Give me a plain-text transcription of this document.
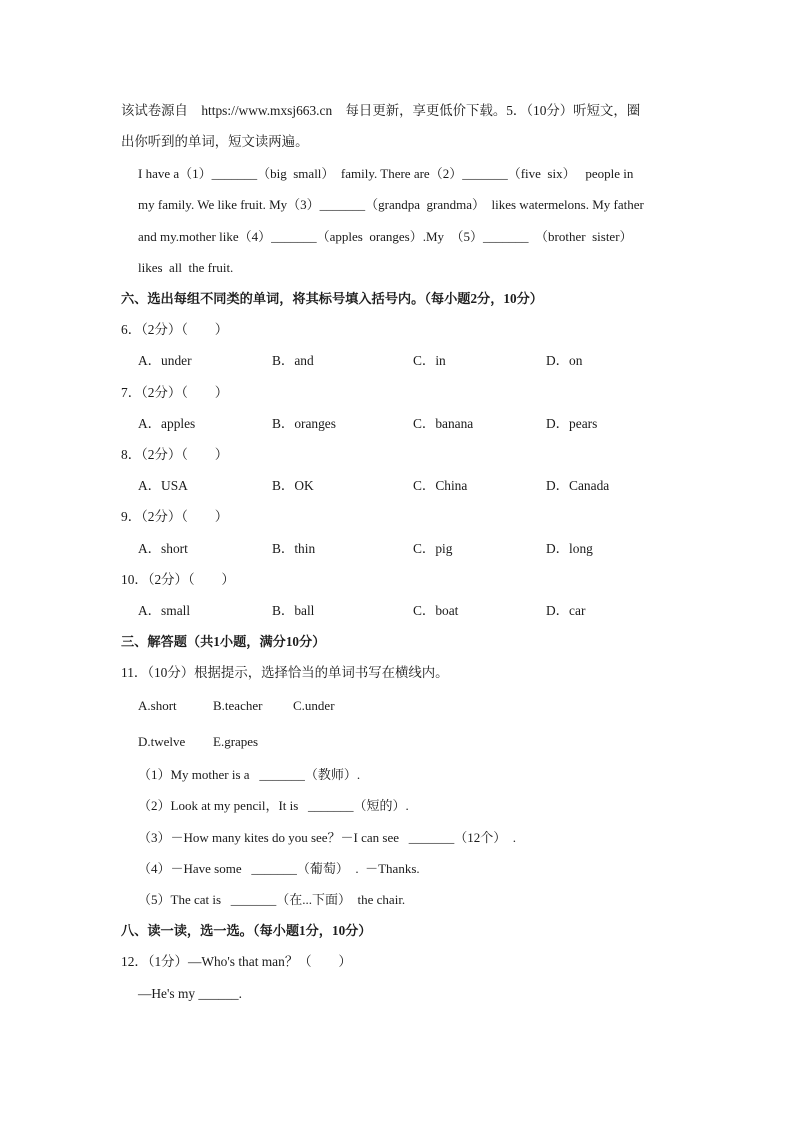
该试卷源自    https://www.mxsj663.cn    每日更新，享更低价下载。5．（10分）听短文，圈
出你听到的单词，短文读两遍。
I have a（1）_______（big  small）  family. There are（2）_______（five  six）   people in
my family. We like fruit. My（3）_______（grandpa  grandma）  likes watermelons. My father
and my.mother like（4）_______（apples  oranges）.My  （5）_______  （brother  sister）
likes  all  the fruit.
六、选出每组不同类的单词，将其标号填入括号内。（每小题2分，10分）
6．（2分）（　　）
A．under	B．and	C．in	D．on
7．（2分）（　　）
A．apples	B．oranges	C．banana	D．pears
8．（2分）（　　）
A．USA	B．OK	C．China	D．Canada
9．（2分）（　　）
A．short	B．thin	C．pig	D．long
10．（2分）（　　）
A．small	B．ball	C．boat	D．car
三、解答题（共1小题，满分10分）
11．（10分）根据提示，选择恰当的单词书写在横线内。
A.short	B.teacher C.under
D.twelve E.grapes
（1）My mother is a   _______（教师）.
（2）Look at my pencil，It is   _______（短的）.
（3）－How many kites do you see？－I can see   _______（12个）  .
（4）－Have some   _______（葡萄）  .  －Thanks.
（5）The cat is   _______（在...下面）  the chair.
八、读一读，选一选。（每小题1分，10分）
12．（1分）—Who's that man？（　　）
—He's my ______.
